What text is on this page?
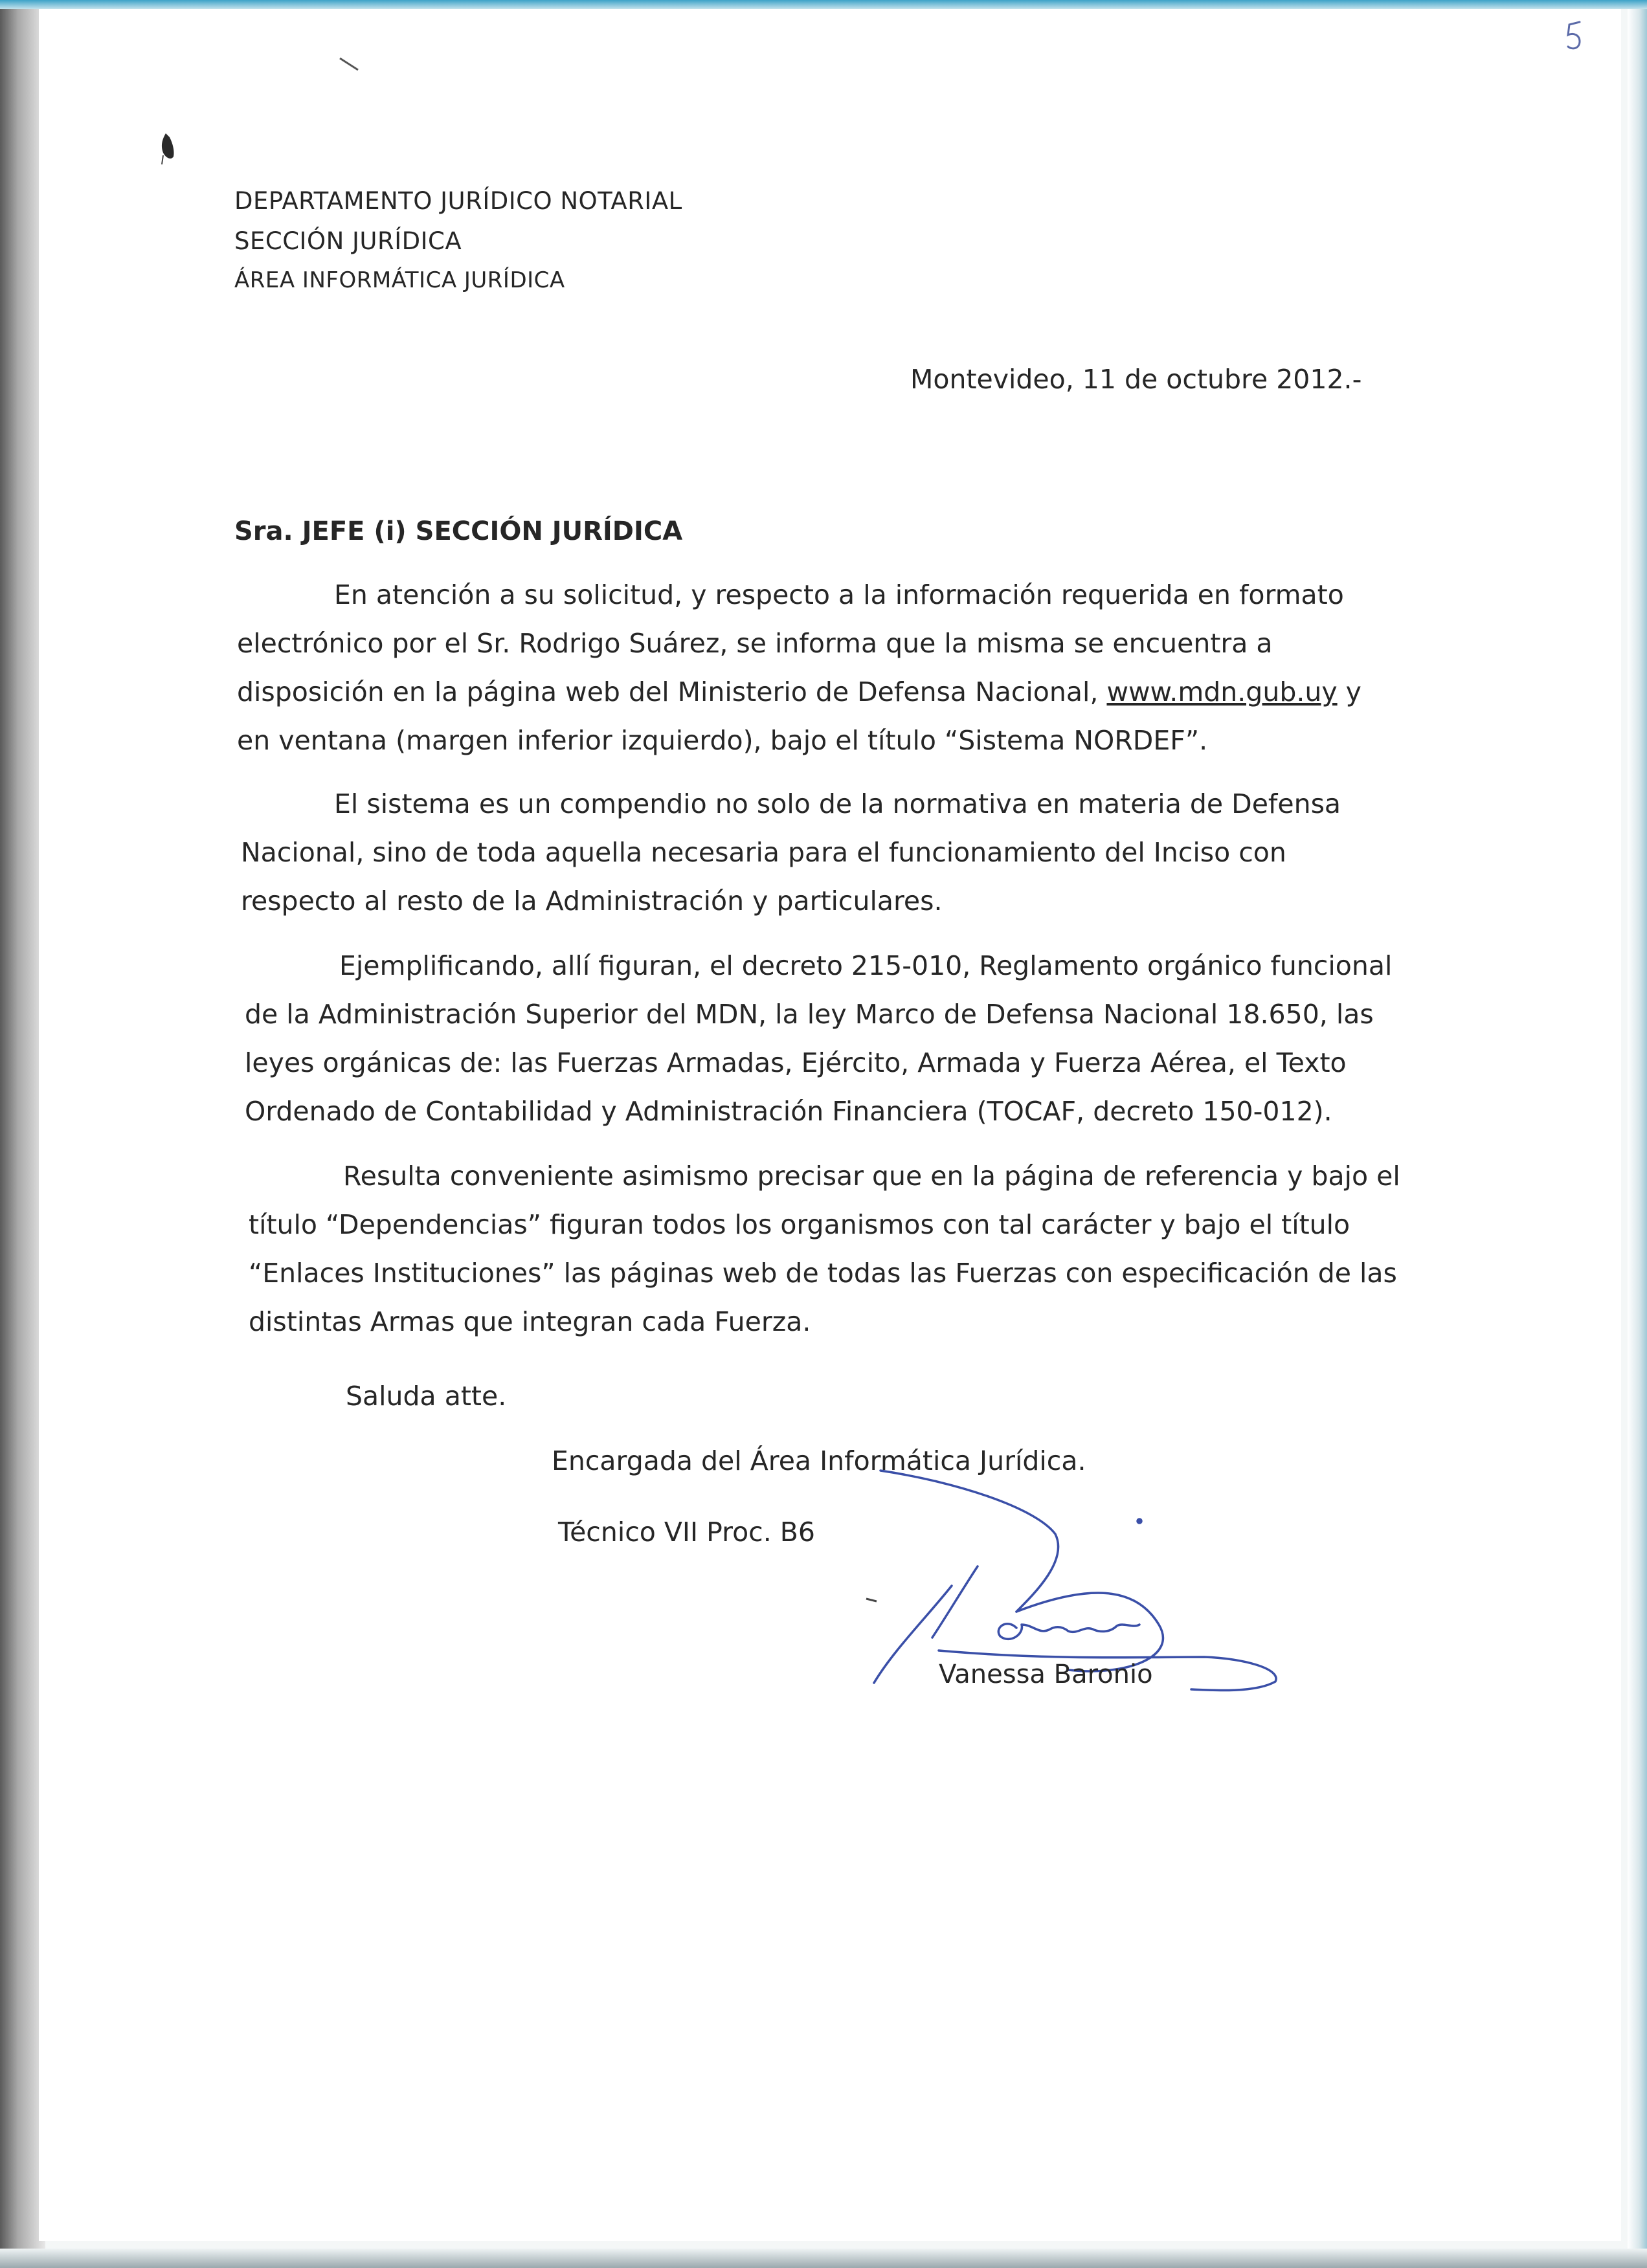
DEPARTAMENTO JURÍDICO NOTARIAL
SECCIÓN JURÍDICA
ÁREA INFORMÁTICA JURÍDICA
Montevideo, 11 de octubre 2012.-
Sra. JEFE (i) SECCIÓN JURÍDICA
En atención a su solicitud, y respecto a la información requerida en formato
electrónico por el Sr. Rodrigo Suárez, se informa que la misma se encuentra a
disposición en la página web del Ministerio de Defensa Nacional, www.mdn.gub.uy y
en ventana (margen inferior izquierdo), bajo el título “Sistema NORDEF”.
El sistema es un compendio no solo de la normativa en materia de Defensa
Nacional, sino de toda aquella necesaria para el funcionamiento del Inciso con
respecto al resto de la Administración y particulares.
Ejemplificando, allí figuran, el decreto 215-010, Reglamento orgánico funcional
de la Administración Superior del MDN, la ley Marco de Defensa Nacional 18.650, las
leyes orgánicas de: las Fuerzas Armadas, Ejército, Armada y Fuerza Aérea, el Texto
Ordenado de Contabilidad y Administración Financiera (TOCAF, decreto 150-012).
Resulta conveniente asimismo precisar que en la página de referencia y bajo el
título “Dependencias” figuran todos los organismos con tal carácter y bajo el título
“Enlaces Instituciones” las páginas web de todas las Fuerzas con especificación de las
distintas Armas que integran cada Fuerza.
Saluda atte.
Encargada del Área Informática Jurídica.
Técnico VII Proc. B6
Vanessa Baronio
